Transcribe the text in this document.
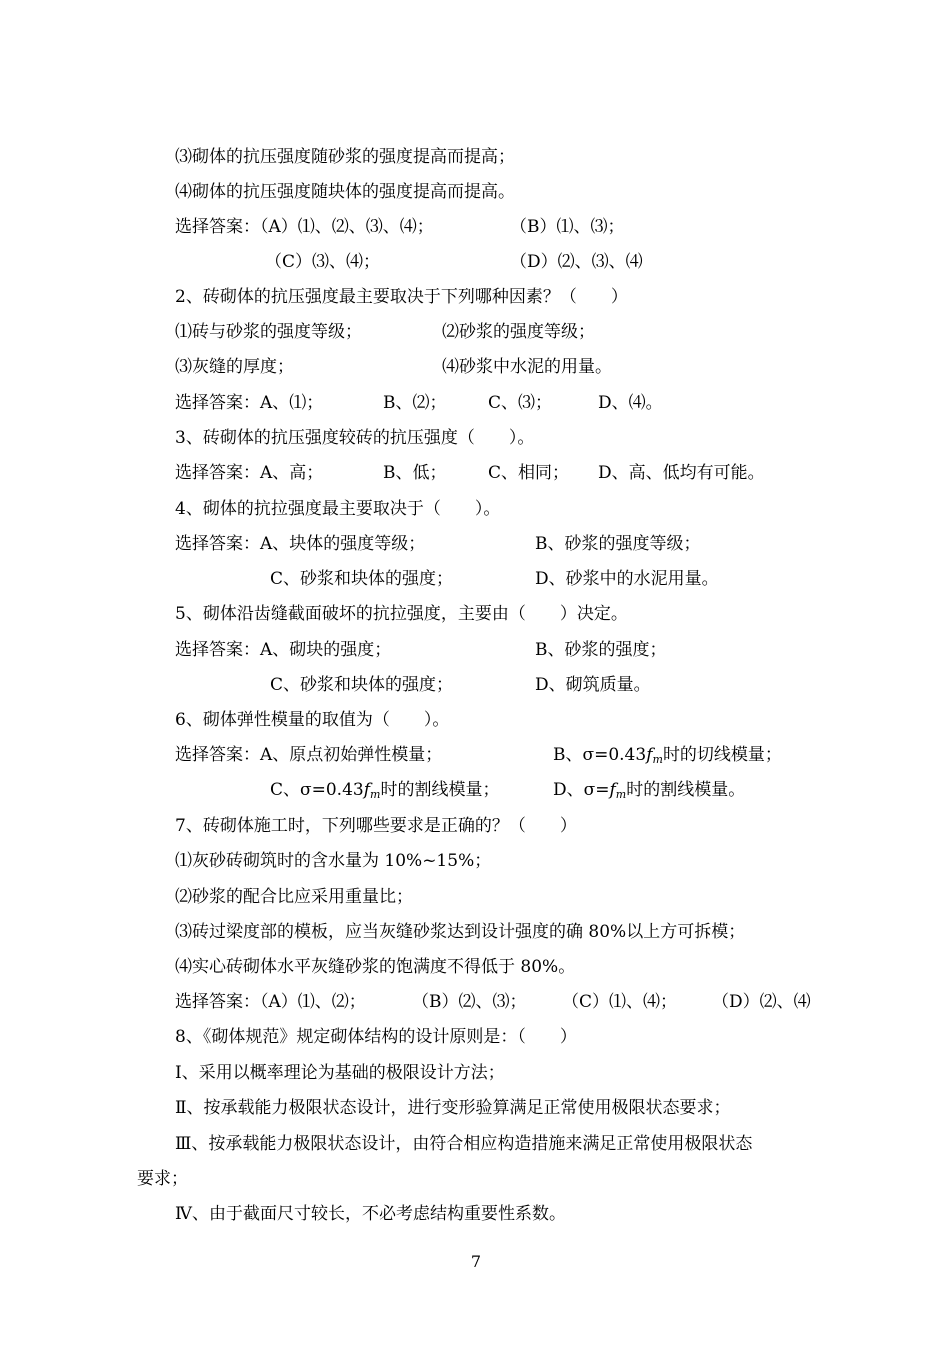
⑶砌体的抗压强度随砂浆的强度提高而提高；
⑷砌体的抗压强度随块体的强度提高而提高。
选择答案：（A）⑴、⑵、⑶、⑷；	（B）⑴、⑶；
（C）⑶、⑷；	（D）⑵、⑶、⑷
2、砖砌体的抗压强度最主要取决于下列哪种因素？（　　）
⑴砖与砂浆的强度等级；	⑵砂浆的强度等级；
⑶灰缝的厚度；	⑷砂浆中水泥的用量。
选择答案：A、⑴；	B、⑵； C、⑶；	D、⑷。
3、砖砌体的抗压强度较砖的抗压强度（　　）。
选择答案：A、高；	B、低； C、相同； D、高、低均有可能。
4、砌体的抗拉强度最主要取决于（　　）。
选择答案：A、块体的强度等级；	B、砂浆的强度等级；
C、砂浆和块体的强度；	D、砂浆中的水泥用量。
5、砌体沿齿缝截面破坏的抗拉强度，主要由（　　）决定。
选择答案：A、砌块的强度；	B、砂浆的强度；
C、砂浆和块体的强度；	D、砌筑质量。
6、砌体弹性模量的取值为（　　）。
选择答案：A、原点初始弹性模量；	B、$\sigma=0.43f_m$时的切线模量；
C、$\sigma=0.43f_m$时的割线模量；	D、$\sigma=f_m$时的割线模量。
7、砖砌体施工时，下列哪些要求是正确的？（　　）
⑴灰砂砖砌筑时的含水量为 10%~15%；
⑵砂浆的配合比应采用重量比；
⑶砖过梁度部的模板，应当灰缝砂浆达到设计强度的确 80%以上方可拆模；
⑷实心砖砌体水平灰缝砂浆的饱满度不得低于 80%。
选择答案：（A）⑴、⑵；	（B）⑵、⑶； （C）⑴、⑷； （D）⑵、⑷
8、《砌体规范》规定砌体结构的设计原则是：（　　）
Ⅰ、采用以概率理论为基础的极限设计方法；
Ⅱ、按承载能力极限状态设计，进行变形验算满足正常使用极限状态要求；
Ⅲ、按承载能力极限状态设计，由符合相应构造措施来满足正常使用极限状态
要求；
Ⅳ、由于截面尺寸较长，不必考虑结构重要性系数。
7
